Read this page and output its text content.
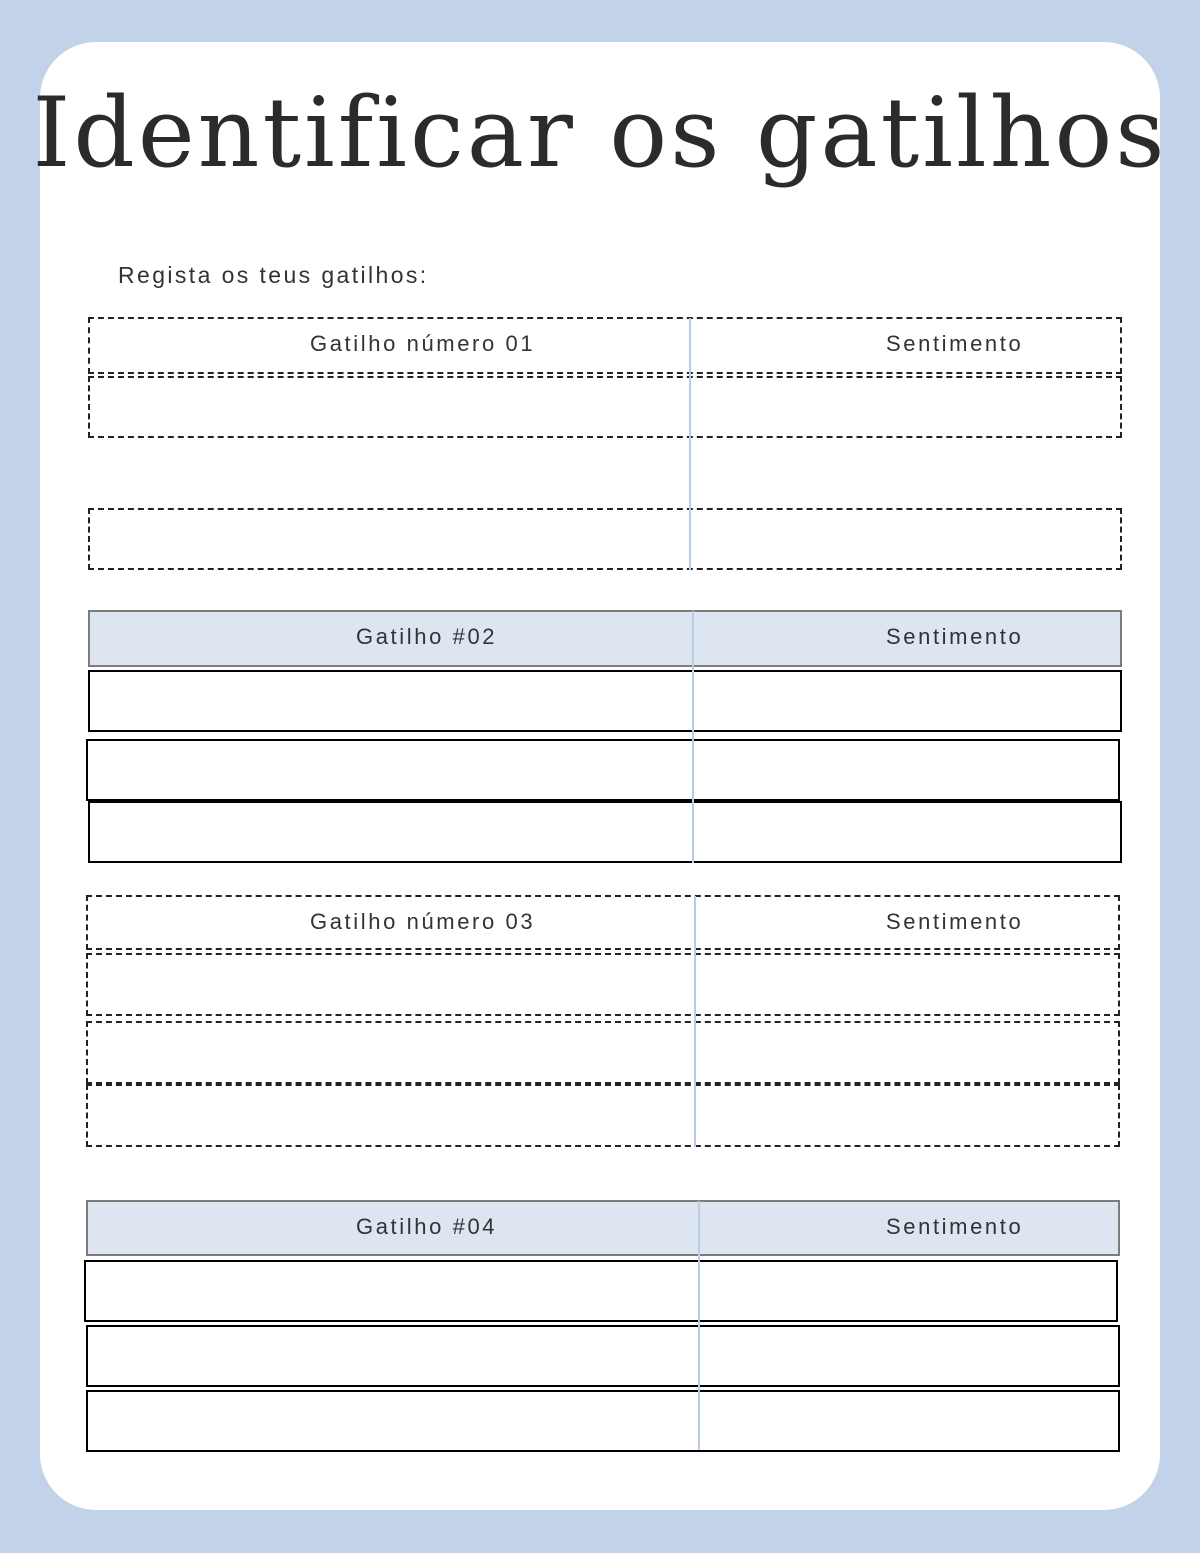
Identificar os gatilhos
Regista os teus gatilhos:
Gatilho número 01	Sentimento
Gatilho #02	Sentimento
Gatilho número 03	Sentimento
Gatilho #04	Sentimento
